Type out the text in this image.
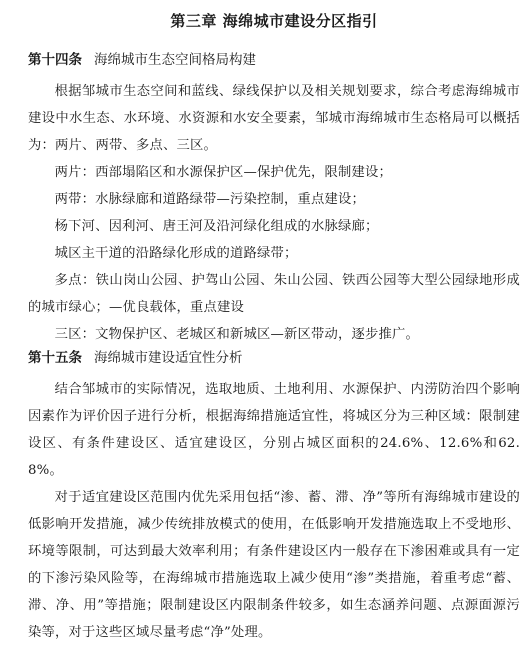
第三章 海绵城市建设分区指引
第十四条 海绵城市生态空间格局构建

根据邹城市生态空间和蓝线、绿线保护以及相关规划要求，综合考虑海绵城市建设中水生态、水环境、水资源和水安全要素，邹城市海绵城市生态格局可以概括为：两片、两带、多点、三区。

两片：西部塌陷区和水源保护区—保护优先，限制建设；

两带：水脉绿廊和道路绿带—污染控制，重点建设；

杨下河、因利河、唐王河及沿河绿化组成的水脉绿廊；

城区主干道的沿路绿化形成的道路绿带；

多点：铁山岗山公园、护驾山公园、朱山公园、铁西公园等大型公园绿地形成的城市绿心；—优良载体，重点建设

三区：文物保护区、老城区和新城区—新区带动，逐步推广。

第十五条 海绵城市建设适宜性分析

结合邹城市的实际情况，选取地质、土地利用、水源保护、内涝防治四个影响因素作为评价因子进行分析，根据海绵措施适宜性，将城区分为三种区域：限制建设区、有条件建设区、适宜建设区，分别占城区面积的24.6%、12.6%和62.8%。

对于适宜建设区范围内优先采用包括“渗、蓄、滞、净”等所有海绵城市建设的低影响开发措施，减少传统排放模式的使用，在低影响开发措施选取上不受地形、环境等限制，可达到最大效率利用；有条件建设区内一般存在下渗困难或具有一定的下渗污染风险等，在海绵城市措施选取上减少使用“渗”类措施，着重考虑“蓄、滞、净、用”等措施；限制建设区内限制条件较多，如生态涵养问题、点源面源污染等，对于这些区域尽量考虑“净”处理。
